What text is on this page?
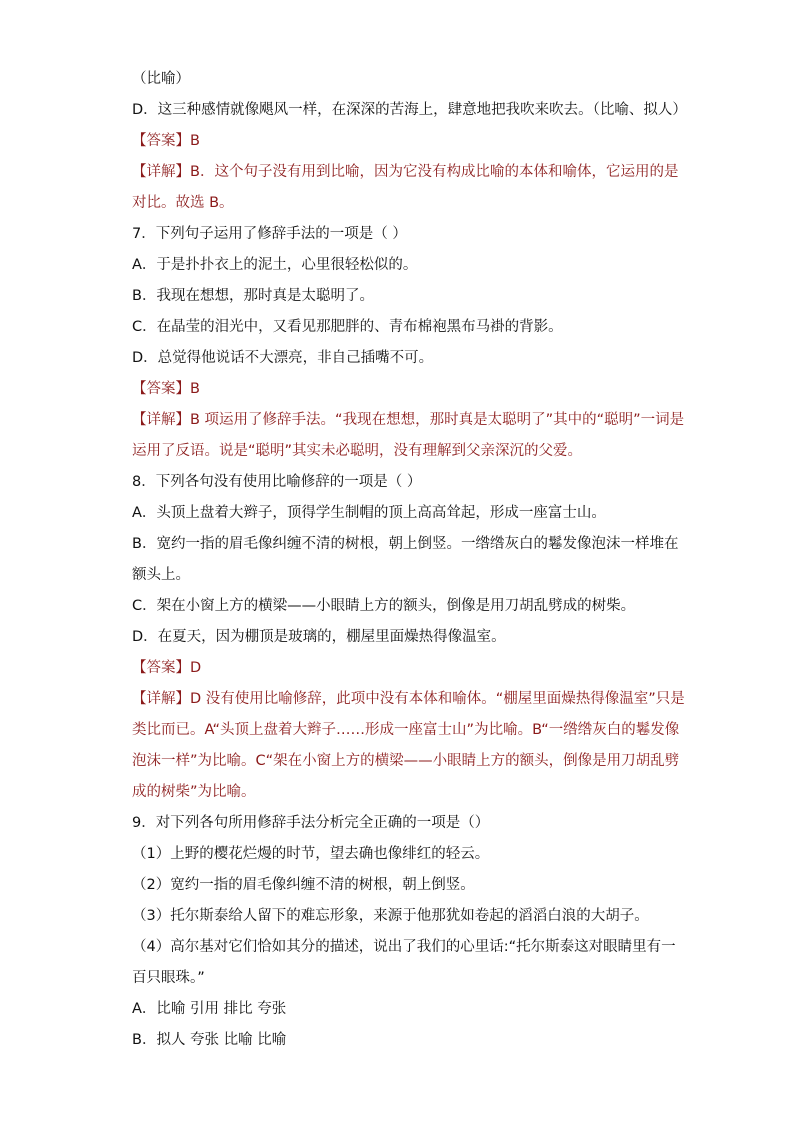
（比喻）
D．这三种感情就像飓风一样，在深深的苦海上，肆意地把我吹来吹去。（比喻、拟人）
【答案】B
【详解】B．这个句子没有用到比喻，因为它没有构成比喻的本体和喻体，它运用的是
对比。故选 B。
7．下列句子运用了修辞手法的一项是（ ）
A．于是扑扑衣上的泥土，心里很轻松似的。
B．我现在想想，那时真是太聪明了。
C．在晶莹的泪光中，又看见那肥胖的、青布棉袍黑布马褂的背影。
D．总觉得他说话不大漂亮，非自己插嘴不可。
【答案】B
【详解】B 项运用了修辞手法。“我现在想想，那时真是太聪明了”其中的“聪明”一词是
运用了反语。说是“聪明”其实未必聪明，没有理解到父亲深沉的父爱。
8．下列各句没有使用比喻修辞的一项是（ ）
A．头顶上盘着大辫子，顶得学生制帽的顶上高高耸起，形成一座富士山。
B．宽约一指的眉毛像纠缠不清的树根，朝上倒竖。一绺绺灰白的鬈发像泡沫一样堆在
额头上。
C．架在小窗上方的横梁——小眼睛上方的额头，倒像是用刀胡乱劈成的树柴。
D．在夏天，因为棚顶是玻璃的，棚屋里面燥热得像温室。
【答案】D
【详解】D 没有使用比喻修辞，此项中没有本体和喻体。“棚屋里面燥热得像温室”只是
类比而已。A“头顶上盘着大辫子……形成一座富士山”为比喻。B“一绺绺灰白的鬈发像
泡沫一样”为比喻。C“架在小窗上方的横梁——小眼睛上方的额头，倒像是用刀胡乱劈
成的树柴”为比喻。
9．对下列各句所用修辞手法分析完全正确的一项是（）
（1）上野的樱花烂熳的时节，望去确也像绯红的轻云。
（2）宽约一指的眉毛像纠缠不清的树根，朝上倒竖。
（3）托尔斯泰给人留下的难忘形象，来源于他那犹如卷起的滔滔白浪的大胡子。
（4）高尔基对它们恰如其分的描述，说出了我们的心里话:“托尔斯泰这对眼睛里有一
百只眼珠。”
A．比喻 引用 排比 夸张
B．拟人 夸张 比喻 比喻
